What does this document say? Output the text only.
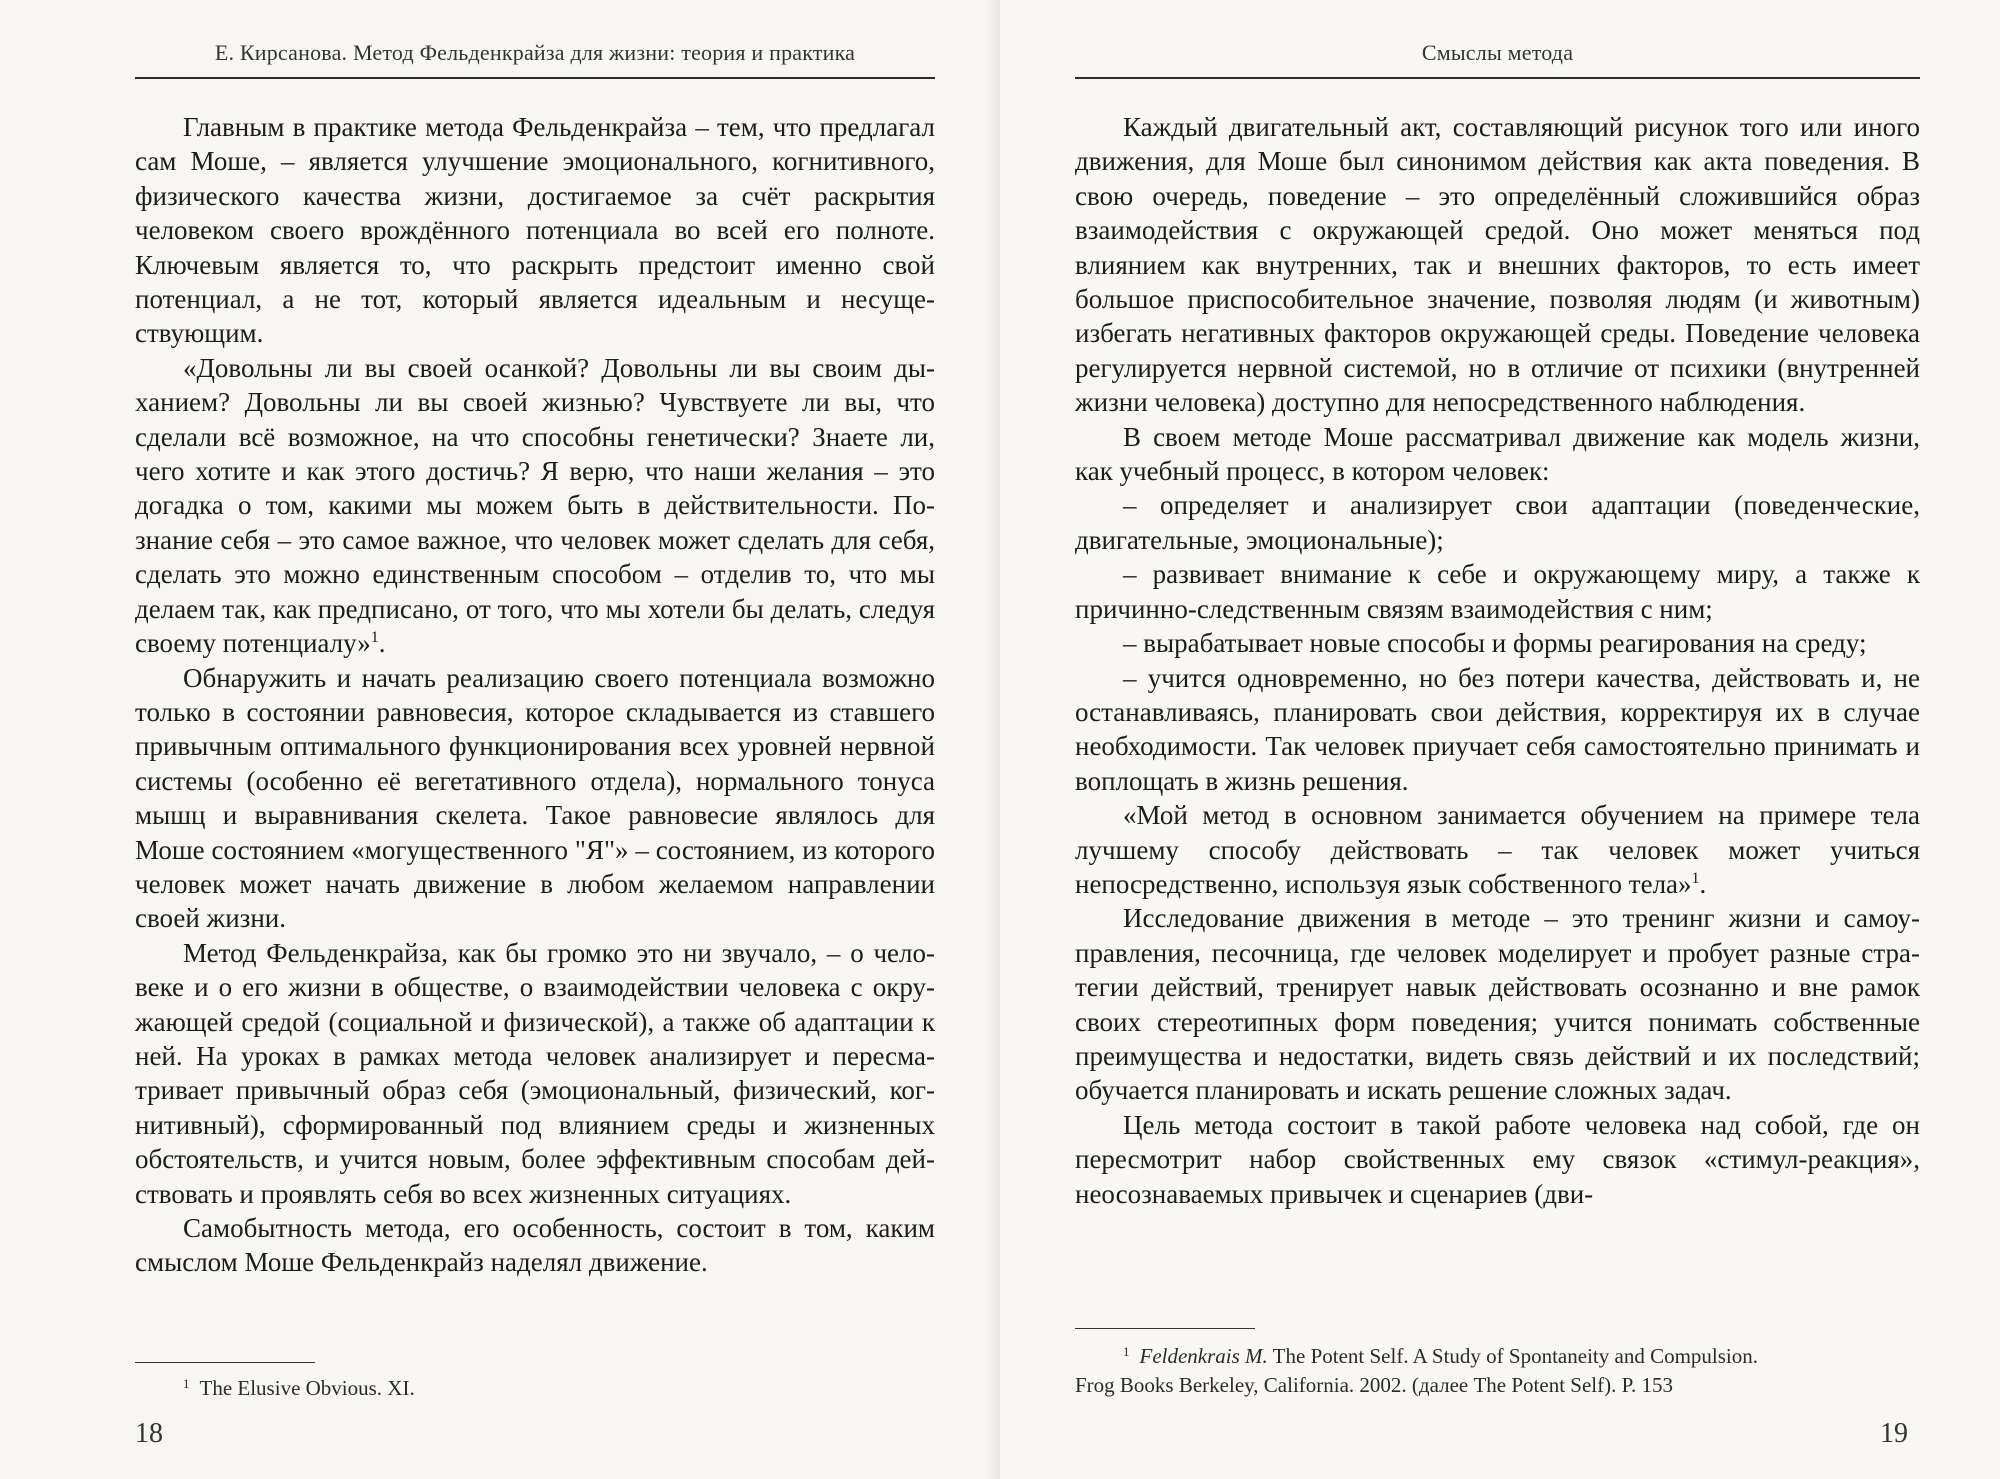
Е. Кирсанова. Метод Фельденкрайза для жизни: теория и практика

Главным в практике метода Фельденкрайза – тем, что предлагал сам Моше, – является улучшение эмоционального, когнитивного, физического качества жизни, достигаемое за счёт раскрытия человеком своего врождённого потенциала во всей его полноте. Ключевым является то, что раскрыть предстоит именно свой потенциал, а не тот, который является идеальным и несуществующим.

«Довольны ли вы своей осанкой? Довольны ли вы своим дыханием? Довольны ли вы своей жизнью? Чувствуете ли вы, что сделали всё возможное, на что способны генетически? Знаете ли, чего хотите и как этого достичь? Я верю, что наши желания – это догадка о том, какими мы можем быть в действительности. Познание себя – это самое важное, что человек может сделать для себя, сделать это можно единственным способом – отделив то, что мы делаем так, как предписано, от того, что мы хотели бы делать, следуя своему потенциалу»$^1$.

Обнаружить и начать реализацию своего потенциала возможно только в состоянии равновесия, которое складывается из ставшего привычным оптимального функционирования всех уровней нервной системы (особенно её вегетативного отдела), нормального тонуса мышц и выравнивания скелета. Такое равновесие являлось для Моше состоянием «могущественного "Я"» – состоянием, из которого человек может начать движение в любом желаемом направлении своей жизни.

Метод Фельденкрайза, как бы громко это ни звучало, – о человеке и о его жизни в обществе, о взаимодействии человека с окружающей средой (социальной и физической), а также об адаптации к ней. На уроках в рамках метода человек анализирует и пересматривает привычный образ себя (эмоциональный, физический, когнитивный), сформированный под влиянием среды и жизненных обстоятельств, и учится новым, более эффективным способам действовать и проявлять себя во всех жизненных ситуациях.

Самобытность метода, его особенность, состоит в том, каким смыслом Моше Фельденкрайз наделял движение.

$^1$ The Elusive Obvious. XI.
18
Смыслы метода

Каждый двигательный акт, составляющий рисунок того или иного движения, для Моше был синонимом действия как акта поведения. В свою очередь, поведение – это определённый сложившийся образ взаимодействия с окружающей средой. Оно может меняться под влиянием как внутренних, так и внешних факторов, то есть имеет большое приспособительное значение, позволяя людям (и животным) избегать негативных факторов окружающей среды. Поведение человека регулируется нервной системой, но в отличие от психики (внутренней жизни человека) доступно для непосредственного наблюдения.

В своем методе Моше рассматривал движение как модель жизни, как учебный процесс, в котором человек:

– определяет и анализирует свои адаптации (поведенческие, двигательные, эмоциональные);

– развивает внимание к себе и окружающему миру, а также к причинно-следственным связям взаимодействия с ним;

– вырабатывает новые способы и формы реагирования на среду;

– учится одновременно, но без потери качества, действовать и, не останавливаясь, планировать свои действия, корректируя их в случае необходимости. Так человек приучает себя самостоятельно принимать и воплощать в жизнь решения.

«Мой метод в основном занимается обучением на примере тела лучшему способу действовать – так человек может учиться непосредственно, используя язык собственного тела»$^1$.

Исследование движения в методе – это тренинг жизни и самоуправления, песочница, где человек моделирует и пробует разные стратегии действий, тренирует навык действовать осознанно и вне рамок своих стереотипных форм поведения; учится понимать собственные преимущества и недостатки, видеть связь действий и их последствий; обучается планировать и искать решение сложных задач.

Цель метода состоит в такой работе человека над собой, где он пересмотрит набор свойственных ему связок «стимул-реакция», неосознаваемых привычек и сценариев (дви-

$^1$ Feldenkrais M. The Potent Self. A Study of Spontaneity and Compulsion.
Frog Books Berkeley, California. 2002. (далее The Potent Self). P. 153
19
